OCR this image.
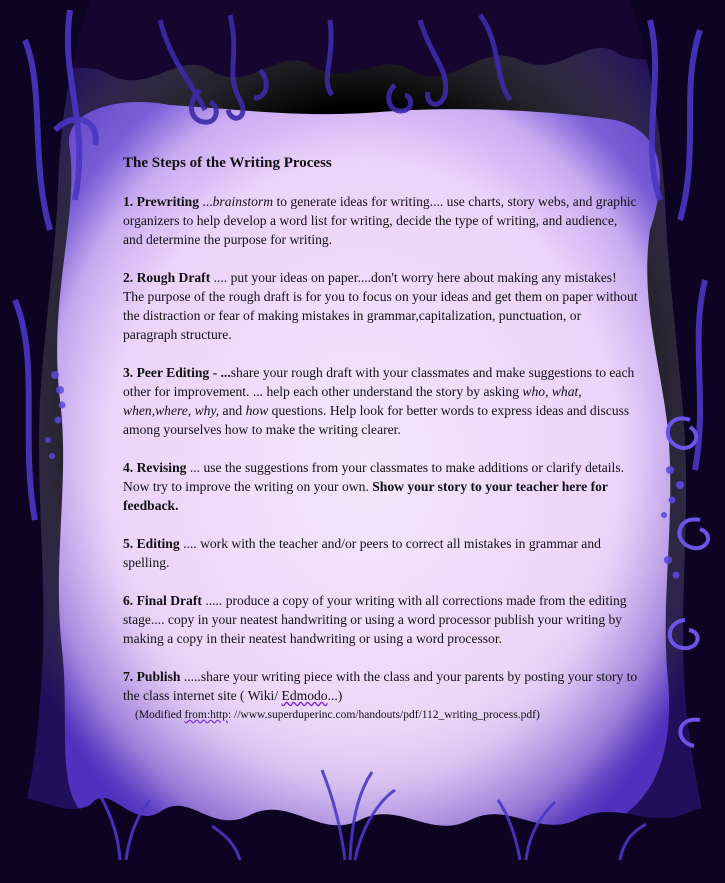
The Steps of the Writing Process
1. Prewriting ...brainstorm to generate ideas for writing.... use charts, story webs, and graphic organizers to help develop a word list for writing, decide the type of writing, and audience, and determine the purpose for writing.
2. Rough Draft .... put your ideas on paper....don't worry here about making any mistakes! The purpose of the rough draft is for you to focus on your ideas and get them on paper without the distraction or fear of making mistakes in grammar,capitalization, punctuation, or paragraph structure.
3. Peer Editing - ...share your rough draft with your classmates and make suggestions to each other for improvement. ... help each other understand the story by asking who, what, when,where, why, and how questions. Help look for better words to express ideas and discuss among yourselves how to make the writing clearer.
4. Revising ... use the suggestions from your classmates to make additions or clarify details. Now try to improve the writing on your own. Show your story to your teacher here for feedback.
5. Editing .... work with the teacher and/or peers to correct all mistakes in grammar and spelling.
6. Final Draft ..... produce a copy of your writing with all corrections made from the editing stage.... copy in your neatest handwriting or using a word processor publish your writing by making a copy in their neatest handwriting or using a word processor.
7. Publish .....share your writing piece with the class and your parents by posting your story to the class internet site ( Wiki/ Edmodo...)
(Modified from:http: //www.superduperinc.com/handouts/pdf/112_writing_process.pdf)
